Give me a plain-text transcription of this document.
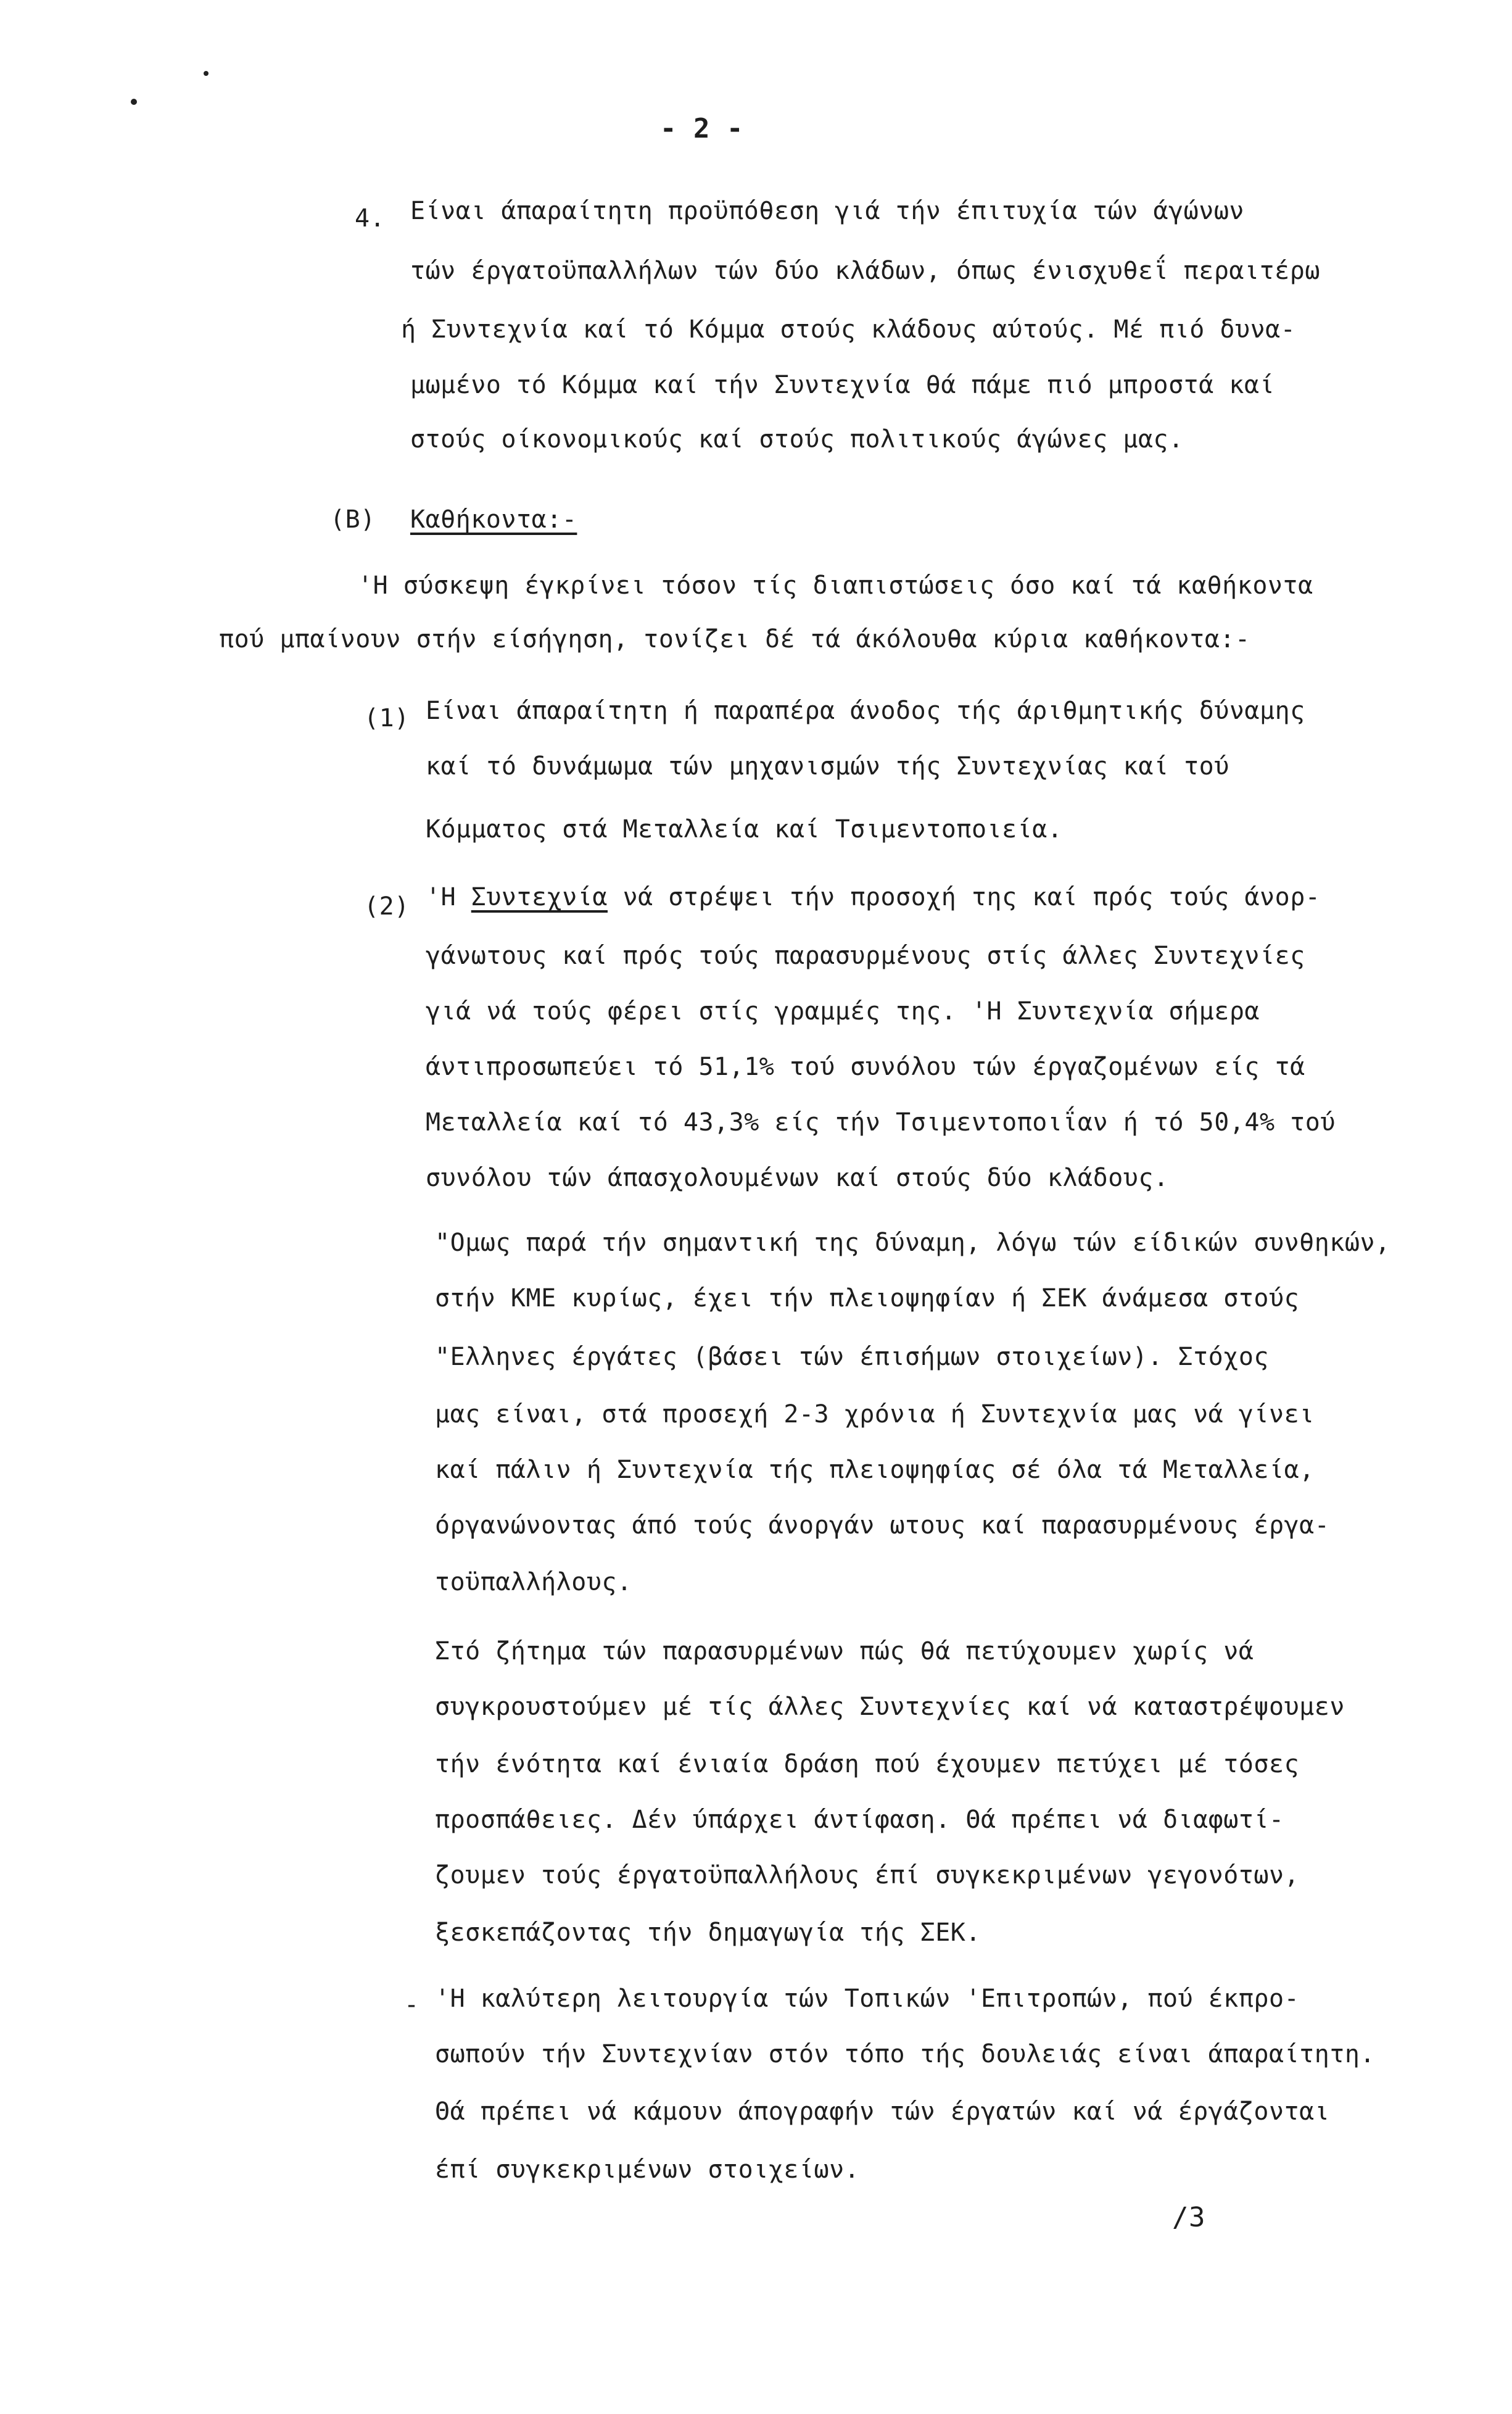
- 2 -
4. Είναι άπαραίτητη προϋπόθεση γιά τήν έπιτυχία τών άγώνων
τών έργατοϋπαλλήλων τών δύο κλάδων, όπως ένισχυθεΐ περαιτέρω
ή Συντεχνία καί τό Κόμμα στούς κλάδους αύτούς. Μέ πιό δυνα-
μωμένο τό Κόμμα καί τήν Συντεχνία θά πάμε πιό μπροστά καί
στούς οίκονομικούς καί στούς πολιτικούς άγώνες μας.
(Β) Καθήκοντα:-
'Η σύσκεψη έγκρίνει τόσον τίς διαπιστώσεις όσο καί τά καθήκοντα
πού μπαίνουν στήν είσήγηση, τονίζει δέ τά άκόλουθα κύρια καθήκοντα:-
(1) Είναι άπαραίτητη ή παραπέρα άνοδος τής άριθμητικής δύναμης
καί τό δυνάμωμα τών μηχανισμών τής Συντεχνίας καί τού
Κόμματος στά Μεταλλεία καί Τσιμεντοποιεία.
(2) 'Η Συντεχνία νά στρέψει τήν προσοχή της καί πρός τούς άνορ-
γάνωτους καί πρός τούς παρασυρμένους στίς άλλες Συντεχνίες
γιά νά τούς φέρει στίς γραμμές της. 'Η Συντεχνία σήμερα
άντιπροσωπεύει τό 51,1% τού συνόλου τών έργαζομένων είς τά
Μεταλλεία καί τό 43,3% είς τήν Τσιμεντοποιΐαν ή τό 50,4% τού
συνόλου τών άπασχολουμένων καί στούς δύο κλάδους.
"Ομως παρά τήν σημαντική της δύναμη, λόγω τών είδικών συνθηκών,
στήν ΚΜΕ κυρίως, έχει τήν πλειοψηφίαν ή ΣΕΚ άνάμεσα στούς
"Ελληνες έργάτες (βάσει τών έπισήμων στοιχείων). Στόχος
μας είναι, στά προσεχή 2-3 χρόνια ή Συντεχνία μας νά γίνει
καί πάλιν ή Συντεχνία τής πλειοψηφίας σέ όλα τά Μεταλλεία,
όργανώνοντας άπό τούς άνοργάν ωτους καί παρασυρμένους έργα-
τοϋπαλλήλους.
Στό ζήτημα τών παρασυρμένων πώς θά πετύχουμεν χωρίς νά
συγκρουστούμεν μέ τίς άλλες Συντεχνίες καί νά καταστρέψουμεν
τήν ένότητα καί ένιαία δράση πού έχουμεν πετύχει μέ τόσες
προσπάθειες. Δέν ύπάρχει άντίφαση. Θά πρέπει νά διαφωτί-
ζουμεν τούς έργατοϋπαλλήλους έπί συγκεκριμένων γεγονότων,
ξεσκεπάζοντας τήν δημαγωγία τής ΣΕΚ.
- 'Η καλύτερη λειτουργία τών Τοπικών 'Επιτροπών, πού έκπρο-
σωπούν τήν Συντεχνίαν στόν τόπο τής δουλειάς είναι άπαραίτητη.
Θά πρέπει νά κάμουν άπογραφήν τών έργατών καί νά έργάζονται
έπί συγκεκριμένων στοιχείων.
/3
